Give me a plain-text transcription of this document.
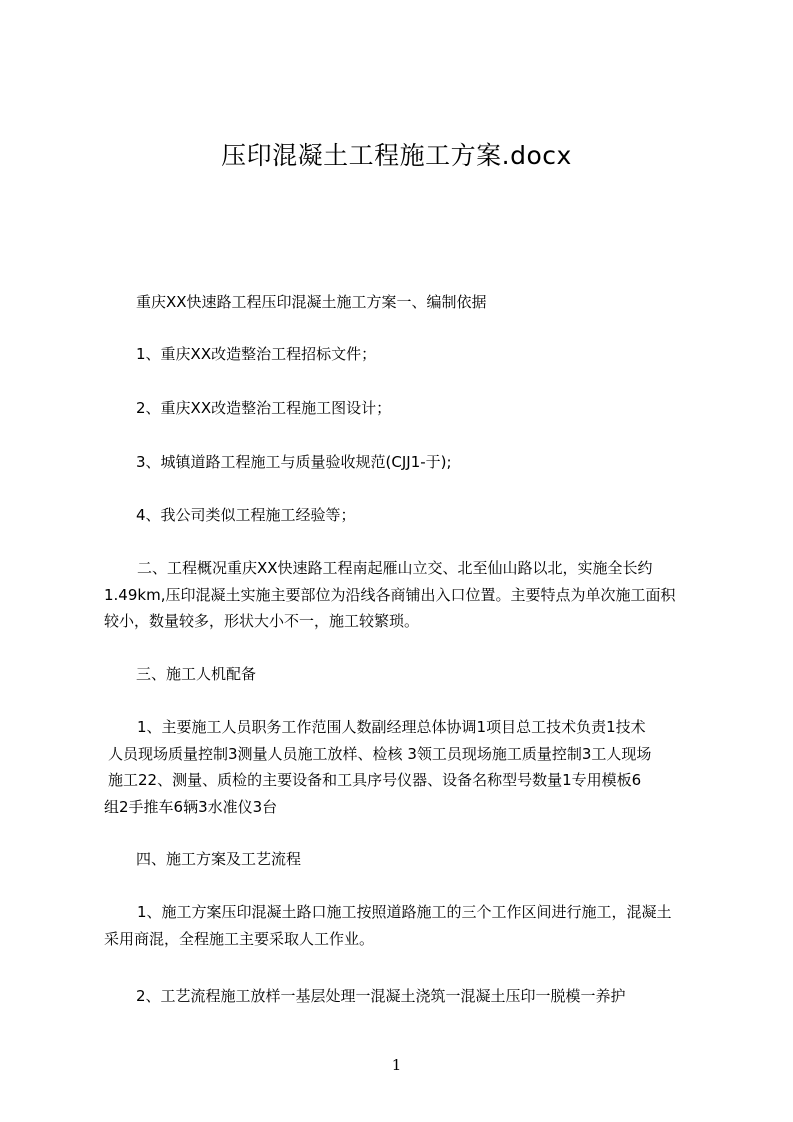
压印混凝土工程施工方案.docx
重庆XX快速路工程压印混凝土施工方案一、编制依据
1、重庆XX改造整治工程招标文件；
2、重庆XX改造整治工程施工图设计；
3、城镇道路工程施工与质量验收规范(CJJ1-于);
4、我公司类似工程施工经验等；
二、工程概况重庆XX快速路工程南起雁山立交、北至仙山路以北，实施全长约
1.49km,压印混凝土实施主要部位为沿线各商铺出入口位置。主要特点为单次施工面积
较小，数量较多，形状大小不一，施工较繁琐。
三、施工人机配备
1、主要施工人员职务工作范围人数副经理总体协调1项目总工技术负责1技术
人员现场质量控制3测量人员施工放样、检核 3领工员现场施工质量控制3工人现场
施工22、测量、质检的主要设备和工具序号仪器、设备名称型号数量1专用模板6
组2手推车6辆3水准仪3台
四、施工方案及工艺流程
1、施工方案压印混凝土路口施工按照道路施工的三个工作区间进行施工，混凝土
采用商混，全程施工主要采取人工作业。
2、工艺流程施工放样一基层处理一混凝土浇筑一混凝土压印一脱模一养护
1
